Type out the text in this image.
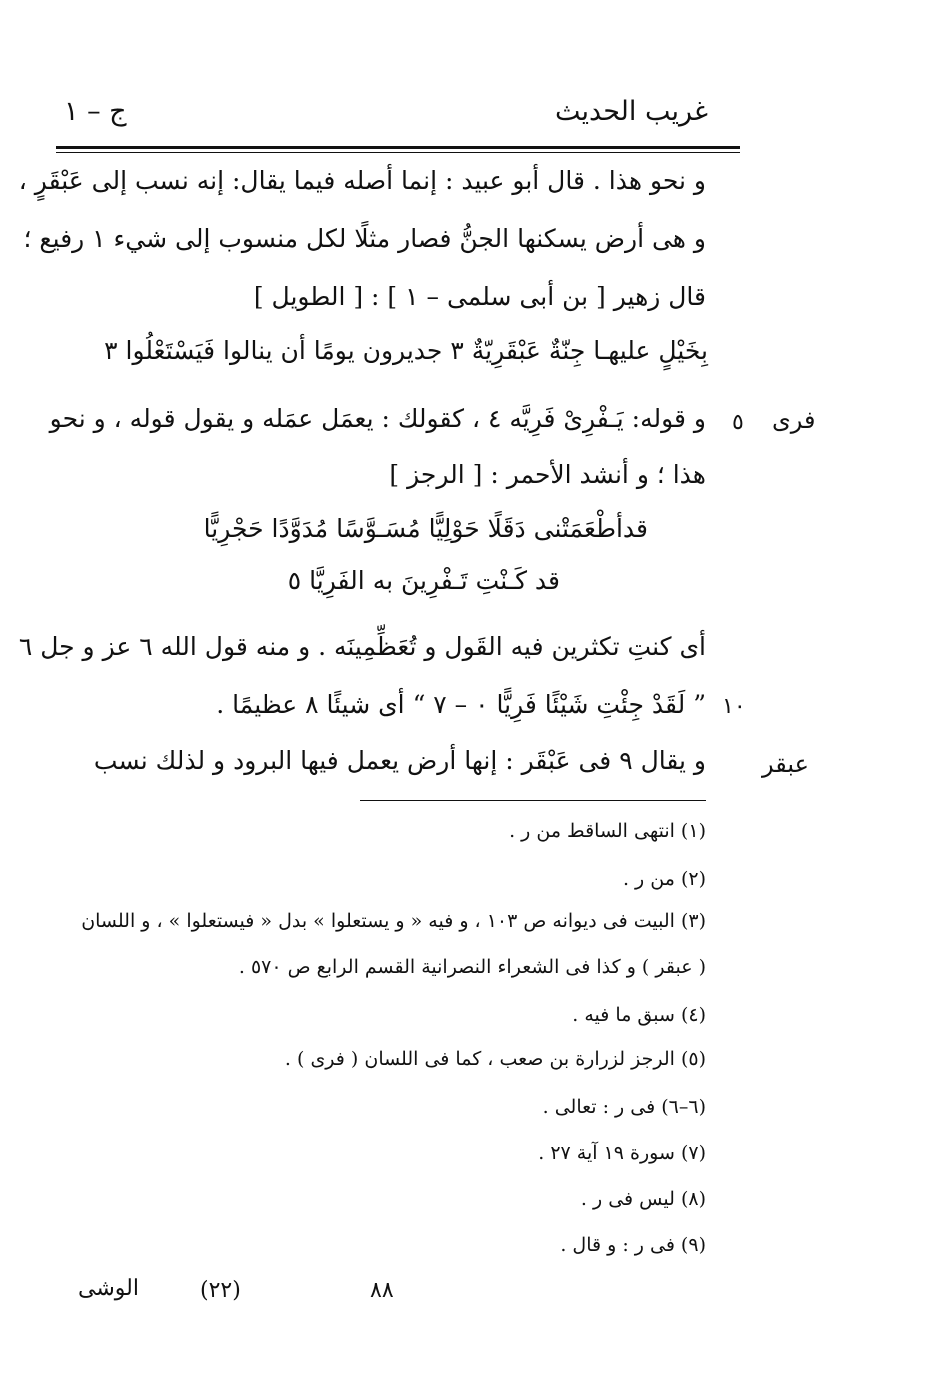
غريب الحديث
ج – ١
و نحو هذا . قال أبو عبيد : إنما أصله فيما يقال: إنه نسب إلى عَبْقَرٍ ،
و هى أرض يسكنها الجنُّ فصار مثلًا لكل منسوب إلى شيء ١ رفيع ؛
قال زهير [ بن أبى سلمى – ١ ] : [ الطويل ]
بِخَيْلٍ عليهـا جِنّةٌ عَبْقَرِيّةٌ ٣ جديرون يومًا أن ينالوا فَيَسْتَعْلُوا ٣
فرى
٥
و قوله: يَـفْرِىْ فَرِيَّه ٤ ، كقولك : يعمَل عمَله و يقول قوله ، و نحو
هذا ؛ و أنشد الأحمر : [ الرجز ]
قدأطْعَمَتْنى دَقَلًا حَوْلِيًّا مُسَـوَّسًا مُدَوَّدًا حَجْرِيًّا
قد كَـنْتِ تَـفْرِينَ به الفَرِيَّا ٥
أى كنتِ تكثرين فيه القَول و تُعَظِّمِينَه . و منه قول الله ٦ عز و جل ٦
١٠
” لَقَدْ جِئْتِ شَيْئًا فَرِيًّا ۰ – ٧ “ أى شيئًا ٨ عظيمًا .
عبقر
و يقال ٩ فى عَبْقَر : إنها أرض يعمل فيها البرود و لذلك نسب
(١) انتهى الساقط من ر .
(٢) من ر .
(٣) البيت فى ديوانه ص ١٠٣ ، و فيه « و يستعلوا » بدل « فيستعلوا » ، و اللسان
( عبقر ) و كذا فى الشعراء النصرانية القسم الرابع ص ٥٧٠ .
(٤) سبق ما فيه .
(٥) الرجز لزرارة بن صعب ، كما فى اللسان ( فرى ) .
(٦–٦) فى ر : تعالى .
(٧) سورة ١٩ آية ٢٧ .
(٨) ليس فى ر .
(٩) فى ر : و قال .
الوشى	(٢٢)	٨٨
